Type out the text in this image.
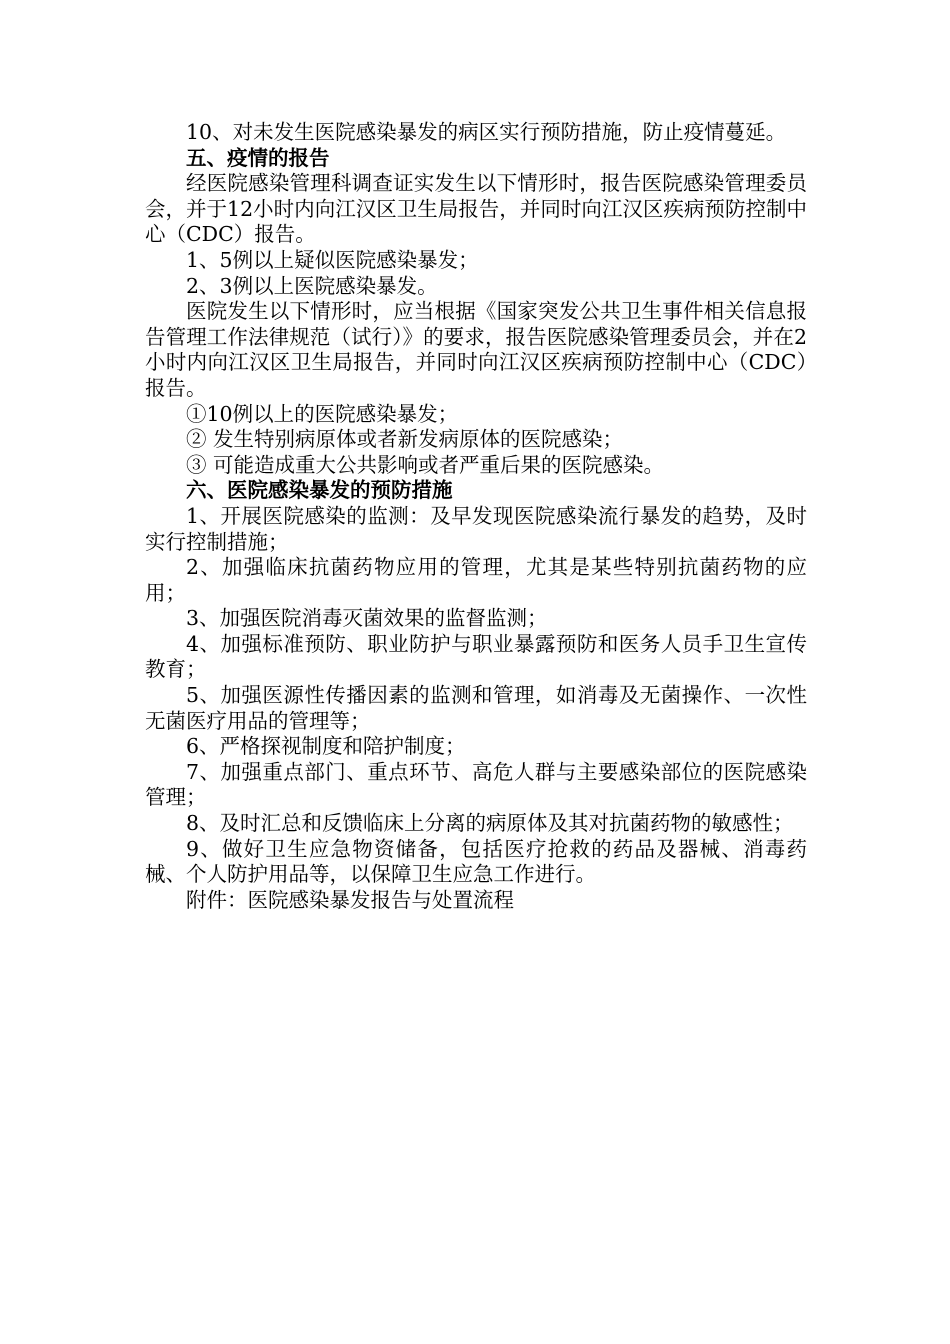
10、对未发生医院感染暴发的病区实行预防措施，防止疫情蔓延。

五、疫情的报告

经医院感染管理科调查证实发生以下情形时，报告医院感染管理委员会，并于12小时内向江汉区卫生局报告，并同时向江汉区疾病预防控制中心（CDC）报告。

1、5例以上疑似医院感染暴发；

2、3例以上医院感染暴发。

医院发生以下情形时，应当根据《国家突发公共卫生事件相关信息报告管理工作法律规范（试行）》的要求，报告医院感染管理委员会，并在2小时内向江汉区卫生局报告，并同时向江汉区疾病预防控制中心（CDC）报告。

①10例以上的医院感染暴发；

② 发生特别病原体或者新发病原体的医院感染；

③ 可能造成重大公共影响或者严重后果的医院感染。

六、医院感染暴发的预防措施

1、开展医院感染的监测：及早发现医院感染流行暴发的趋势，及时实行控制措施；

2、加强临床抗菌药物应用的管理，尤其是某些特别抗菌药物的应用；

3、加强医院消毒灭菌效果的监督监测；

4、加强标准预防、职业防护与职业暴露预防和医务人员手卫生宣传教育；

5、加强医源性传播因素的监测和管理，如消毒及无菌操作、一次性无菌医疗用品的管理等；

6、严格探视制度和陪护制度；

7、加强重点部门、重点环节、高危人群与主要感染部位的医院感染管理；

8、及时汇总和反馈临床上分离的病原体及其对抗菌药物的敏感性；

9、做好卫生应急物资储备，包括医疗抢救的药品及器械、消毒药械、个人防护用品等，以保障卫生应急工作进行。

附件：医院感染暴发报告与处置流程
